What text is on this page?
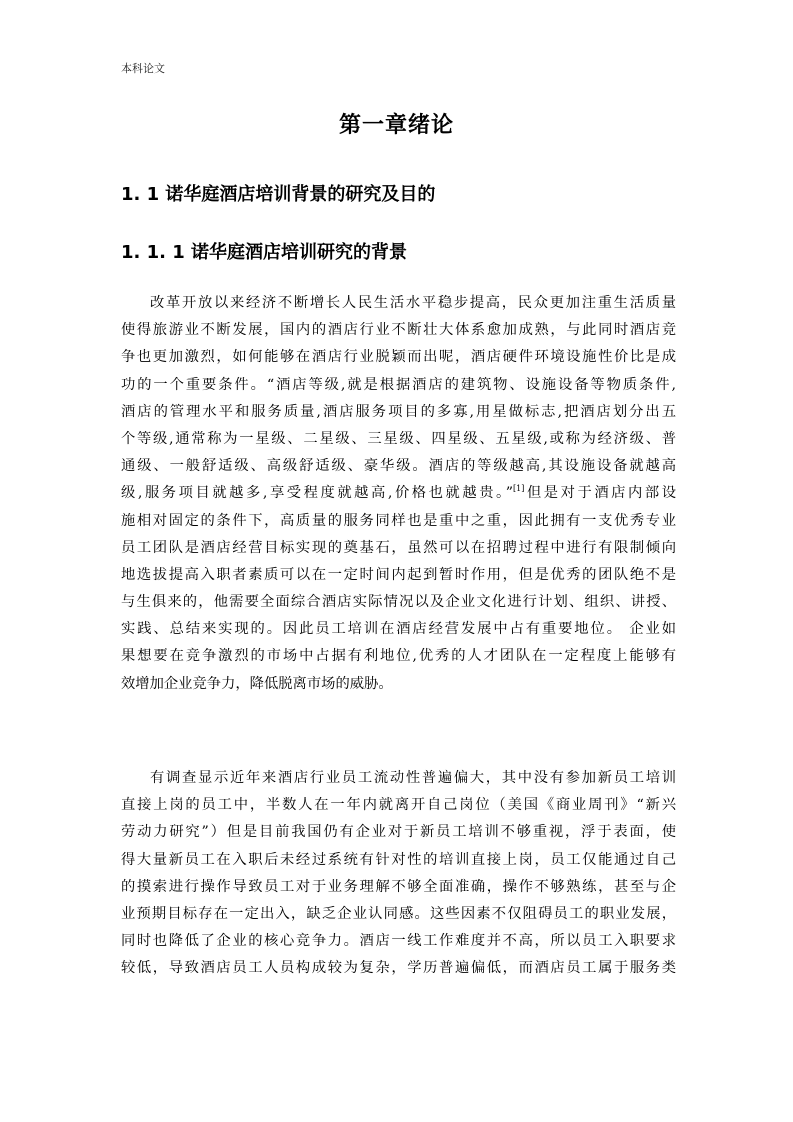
本科论文
第一章绪论
1. 1 诺华庭酒店培训背景的研究及目的
1. 1. 1 诺华庭酒店培训研究的背景
改革开放以来经济不断增长人民生活水平稳步提高，民众更加注重生活质量
使得旅游业不断发展，国内的酒店行业不断壮大体系愈加成熟，与此同时酒店竞
争也更加激烈，如何能够在酒店行业脱颖而出呢，酒店硬件环境设施性价比是成
功的一个重要条件。“酒店等级,就是根据酒店的建筑物、设施设备等物质条件,
酒店的管理水平和服务质量,酒店服务项目的多寡,用星做标志,把酒店划分出五
个等级,通常称为一星级、二星级、三星级、四星级、五星级,或称为经济级、普
通级、一般舒适级、高级舒适级、豪华级。酒店的等级越高,其设施设备就越高
级,服务项目就越多,享受程度就越高,价格也就越贵。”[1]但是对于酒店内部设
施相对固定的条件下，高质量的服务同样也是重中之重，因此拥有一支优秀专业
员工团队是酒店经营目标实现的奠基石，虽然可以在招聘过程中进行有限制倾向
地选拔提高入职者素质可以在一定时间内起到暂时作用，但是优秀的团队绝不是
与生俱来的，他需要全面综合酒店实际情况以及企业文化进行计划、组织、讲授、
实践、总结来实现的。因此员工培训在酒店经营发展中占有重要地位。 企业如
果想要在竞争激烈的市场中占据有利地位,优秀的人才团队在一定程度上能够有
效增加企业竞争力，降低脱离市场的威胁。
有调查显示近年来酒店行业员工流动性普遍偏大，其中没有参加新员工培训
直接上岗的员工中，半数人在一年内就离开自己岗位（美国《商业周刊》“新兴
劳动力研究”）但是目前我国仍有企业对于新员工培训不够重视，浮于表面，使
得大量新员工在入职后未经过系统有针对性的培训直接上岗，员工仅能通过自己
的摸索进行操作导致员工对于业务理解不够全面准确，操作不够熟练，甚至与企
业预期目标存在一定出入，缺乏企业认同感。这些因素不仅阻碍员工的职业发展，
同时也降低了企业的核心竞争力。酒店一线工作难度并不高，所以员工入职要求
较低，导致酒店员工人员构成较为复杂，学历普遍偏低，而酒店员工属于服务类
